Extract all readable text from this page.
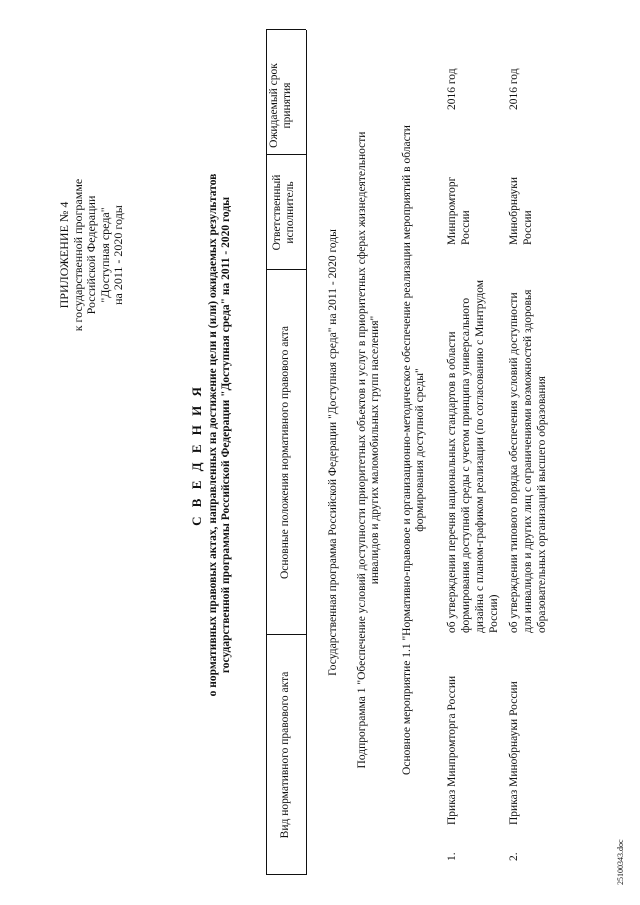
ПРИЛОЖЕНИЕ № 4 к государственной программе Российской Федерации "Доступная среда" на 2011 - 2020 годы
С В Е Д Е Н И Я о нормативных правовых актах, направленных на достижение цели и (или) ожидаемых результатов государственной программы Российской Федерации "Доступная среда" на 2011 - 2020 годы
Вид нормативного правового акта
Основные положения нормативного правового акта
Ответственный исполнитель
Ожидаемый срок принятия
Государственная программа Российской Федерации "Доступная среда" на 2011 - 2020 годы Подпрограмма 1 "Обеспечение условий доступности приоритетных объектов и услуг в приоритетных сферах жизнедеятельности инвалидов и других маломобильных групп населения" Основное мероприятие 1.1 "Нормативно-правовое и организационно-методическое обеспечение реализации мероприятий в области формирования доступной среды"
1.
Приказ Минпромторга России
об утверждении перечня национальных стандартов в области формирования доступной среды с учетом принципа универсального дизайна с планом-графиком реализации (по согласованию с Минтрудом России)
Минпромторг России
2016 год
2.
Приказ Минобрнауки России
об утверждении типового порядка обеспечения условий доступности для инвалидов и других лиц с ограничениями возможностей здоровья образовательных организаций высшего образования
Минобрнауки России
2016 год
25100343.doc
